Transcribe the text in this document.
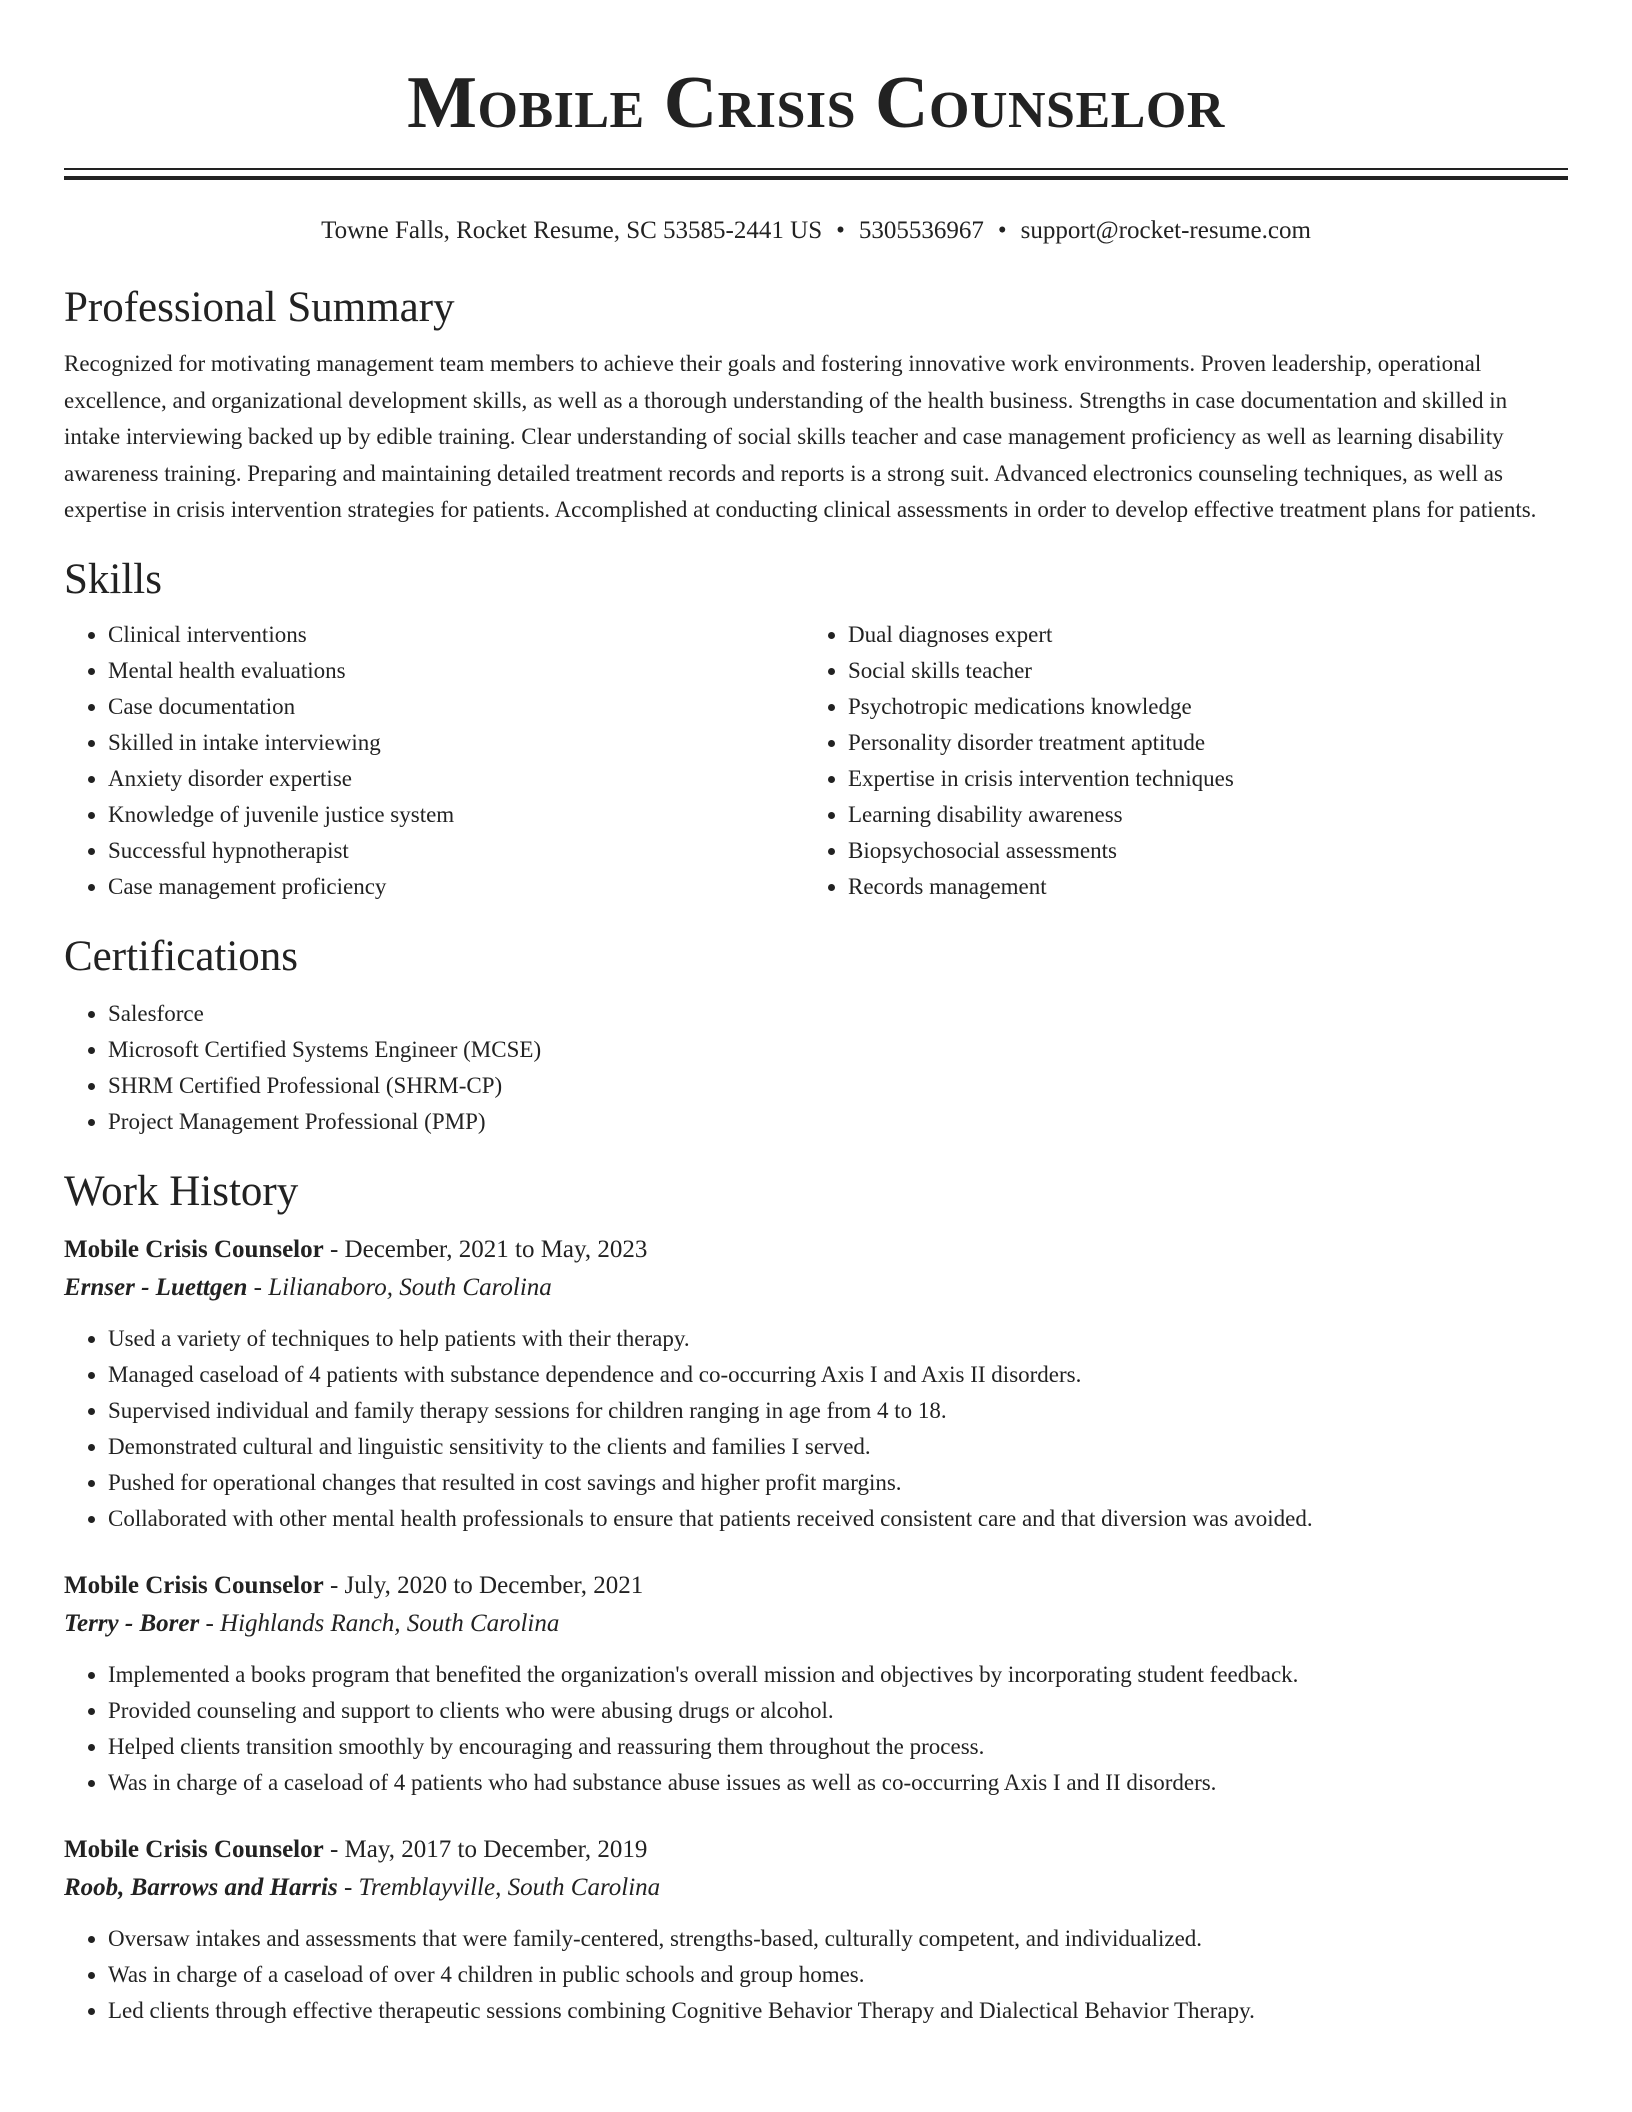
Mobile Crisis Counselor
Towne Falls, Rocket Resume, SC 53585-2441 US • 5305536967 • support@rocket-resume.com
Professional Summary

Recognized for motivating management team members to achieve their goals and fostering innovative work environments. Proven leadership, operational excellence, and organizational development skills, as well as a thorough understanding of the health business. Strengths in case documentation and skilled in intake interviewing backed up by edible training. Clear understanding of social skills teacher and case management proficiency as well as learning disability awareness training. Preparing and maintaining detailed treatment records and reports is a strong suit. Advanced electronics counseling techniques, as well as expertise in crisis intervention strategies for patients. Accomplished at conducting clinical assessments in order to develop effective treatment plans for patients.

Skills
• Clinical interventions
• Mental health evaluations
• Case documentation
• Skilled in intake interviewing
• Anxiety disorder expertise
• Knowledge of juvenile justice system
• Successful hypnotherapist
• Case management proficiency
• Dual diagnoses expert
• Social skills teacher
• Psychotropic medications knowledge
• Personality disorder treatment aptitude
• Expertise in crisis intervention techniques
• Learning disability awareness
• Biopsychosocial assessments
• Records management
Certifications
• Salesforce
• Microsoft Certified Systems Engineer (MCSE)
• SHRM Certified Professional (SHRM-CP)
• Project Management Professional (PMP)
Work History
Mobile Crisis Counselor - December, 2021 to May, 2023
Ernser - Luettgen - Lilianaboro, South Carolina
• Used a variety of techniques to help patients with their therapy.
• Managed caseload of 4 patients with substance dependence and co-occurring Axis I and Axis II disorders.
• Supervised individual and family therapy sessions for children ranging in age from 4 to 18.
• Demonstrated cultural and linguistic sensitivity to the clients and families I served.
• Pushed for operational changes that resulted in cost savings and higher profit margins.
• Collaborated with other mental health professionals to ensure that patients received consistent care and that diversion was avoided.
Mobile Crisis Counselor - July, 2020 to December, 2021
Terry - Borer - Highlands Ranch, South Carolina
• Implemented a books program that benefited the organization's overall mission and objectives by incorporating student feedback.
• Provided counseling and support to clients who were abusing drugs or alcohol.
• Helped clients transition smoothly by encouraging and reassuring them throughout the process.
• Was in charge of a caseload of 4 patients who had substance abuse issues as well as co-occurring Axis I and II disorders.
Mobile Crisis Counselor - May, 2017 to December, 2019
Roob, Barrows and Harris - Tremblayville, South Carolina
• Oversaw intakes and assessments that were family-centered, strengths-based, culturally competent, and individualized.
• Was in charge of a caseload of over 4 children in public schools and group homes.
• Led clients through effective therapeutic sessions combining Cognitive Behavior Therapy and Dialectical Behavior Therapy.
